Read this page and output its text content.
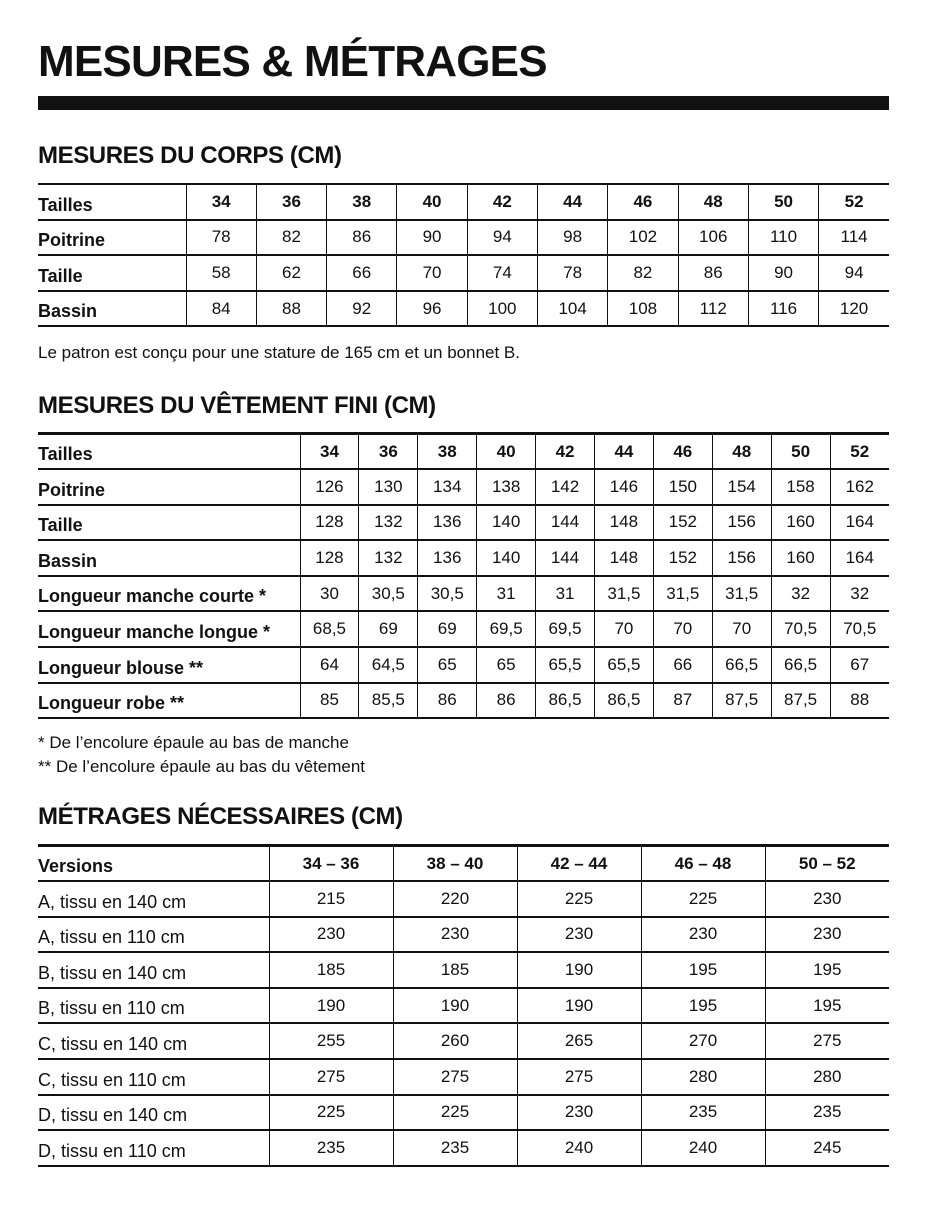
MESURES & MÉTRAGES
MESURES DU CORPS (CM)
Tailles	34	36	38	40	42	44	46	48	50	52
Poitrine	78	82	86	90	94	98	102	106	110	114
Taille	58	62	66	70	74	78	82	86	90	94
Bassin	84	88	92	96	100	104	108	112	116	120

Le patron est conçu pour une stature de 165 cm et un bonnet B.

MESURES DU VÊTEMENT FINI (CM)
Tailles	34	36	38	40	42	44	46	48	50	52
Poitrine	126	130	134	138	142	146	150	154	158	162
Taille	128	132	136	140	144	148	152	156	160	164
Bassin	128	132	136	140	144	148	152	156	160	164
Longueur manche courte *	30	30,5	30,5	31	31	31,5	31,5	31,5	32	32
Longueur manche longue *	68,5	69	69	69,5	69,5	70	70	70	70,5	70,5
Longueur blouse **	64	64,5	65	65	65,5	65,5	66	66,5	66,5	67
Longueur robe **	85	85,5	86	86	86,5	86,5	87	87,5	87,5	88

* De l’encolure épaule au bas de manche

** De l’encolure épaule au bas du vêtement

MÉTRAGES NÉCESSAIRES (CM)
Versions	34 – 36	38 – 40	42 – 44	46 – 48	50 – 52
A, tissu en 140 cm	215	220	225	225	230
A, tissu en 110 cm	230	230	230	230	230
B, tissu en 140 cm	185	185	190	195	195
B, tissu en 110 cm	190	190	190	195	195
C, tissu en 140 cm	255	260	265	270	275
C, tissu en 110 cm	275	275	275	280	280
D, tissu en 140 cm	225	225	230	235	235
D, tissu en 110 cm	235	235	240	240	245
